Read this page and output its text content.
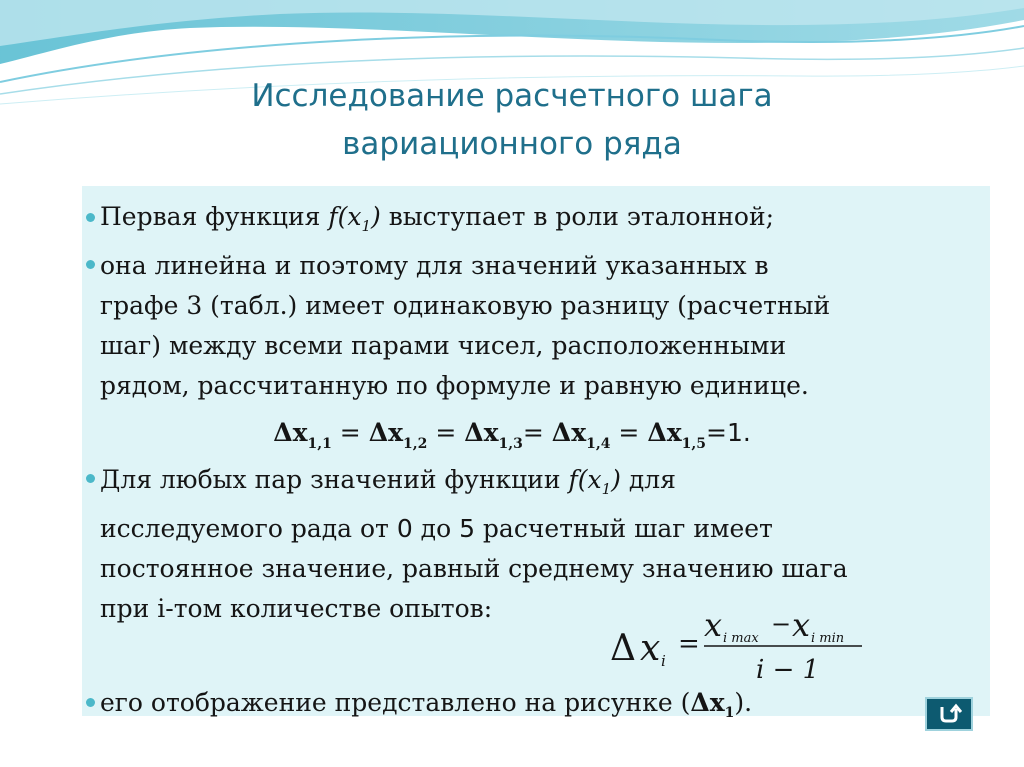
Исследование расчетного шага
вариационного ряда
Первая функция $f(x_1)$ выступает в роли эталонной;
она линейна и поэтому для значений указанных в
графе 3 (табл.) имеет одинаковую разницу (расчетный
шаг) между всеми парами чисел, расположенными
рядом, рассчитанную по формуле и равную единице.
$\Delta x_{1,1} = \Delta x_{1,2} = \Delta x_{1,3}= \Delta x_{1,4} = \Delta x_{1,5}=1$.
Для любых пар значений функции $f(x_1)$ для
исследуемого рада от 0 до 5 расчетный шаг имеет
постоянное значение, равный среднему значению шага
при i-том количестве опытов:
Δ x i
= x i max
− x i min
i − 1
его отображение представлено на рисунке $(\Delta x_1)$.
